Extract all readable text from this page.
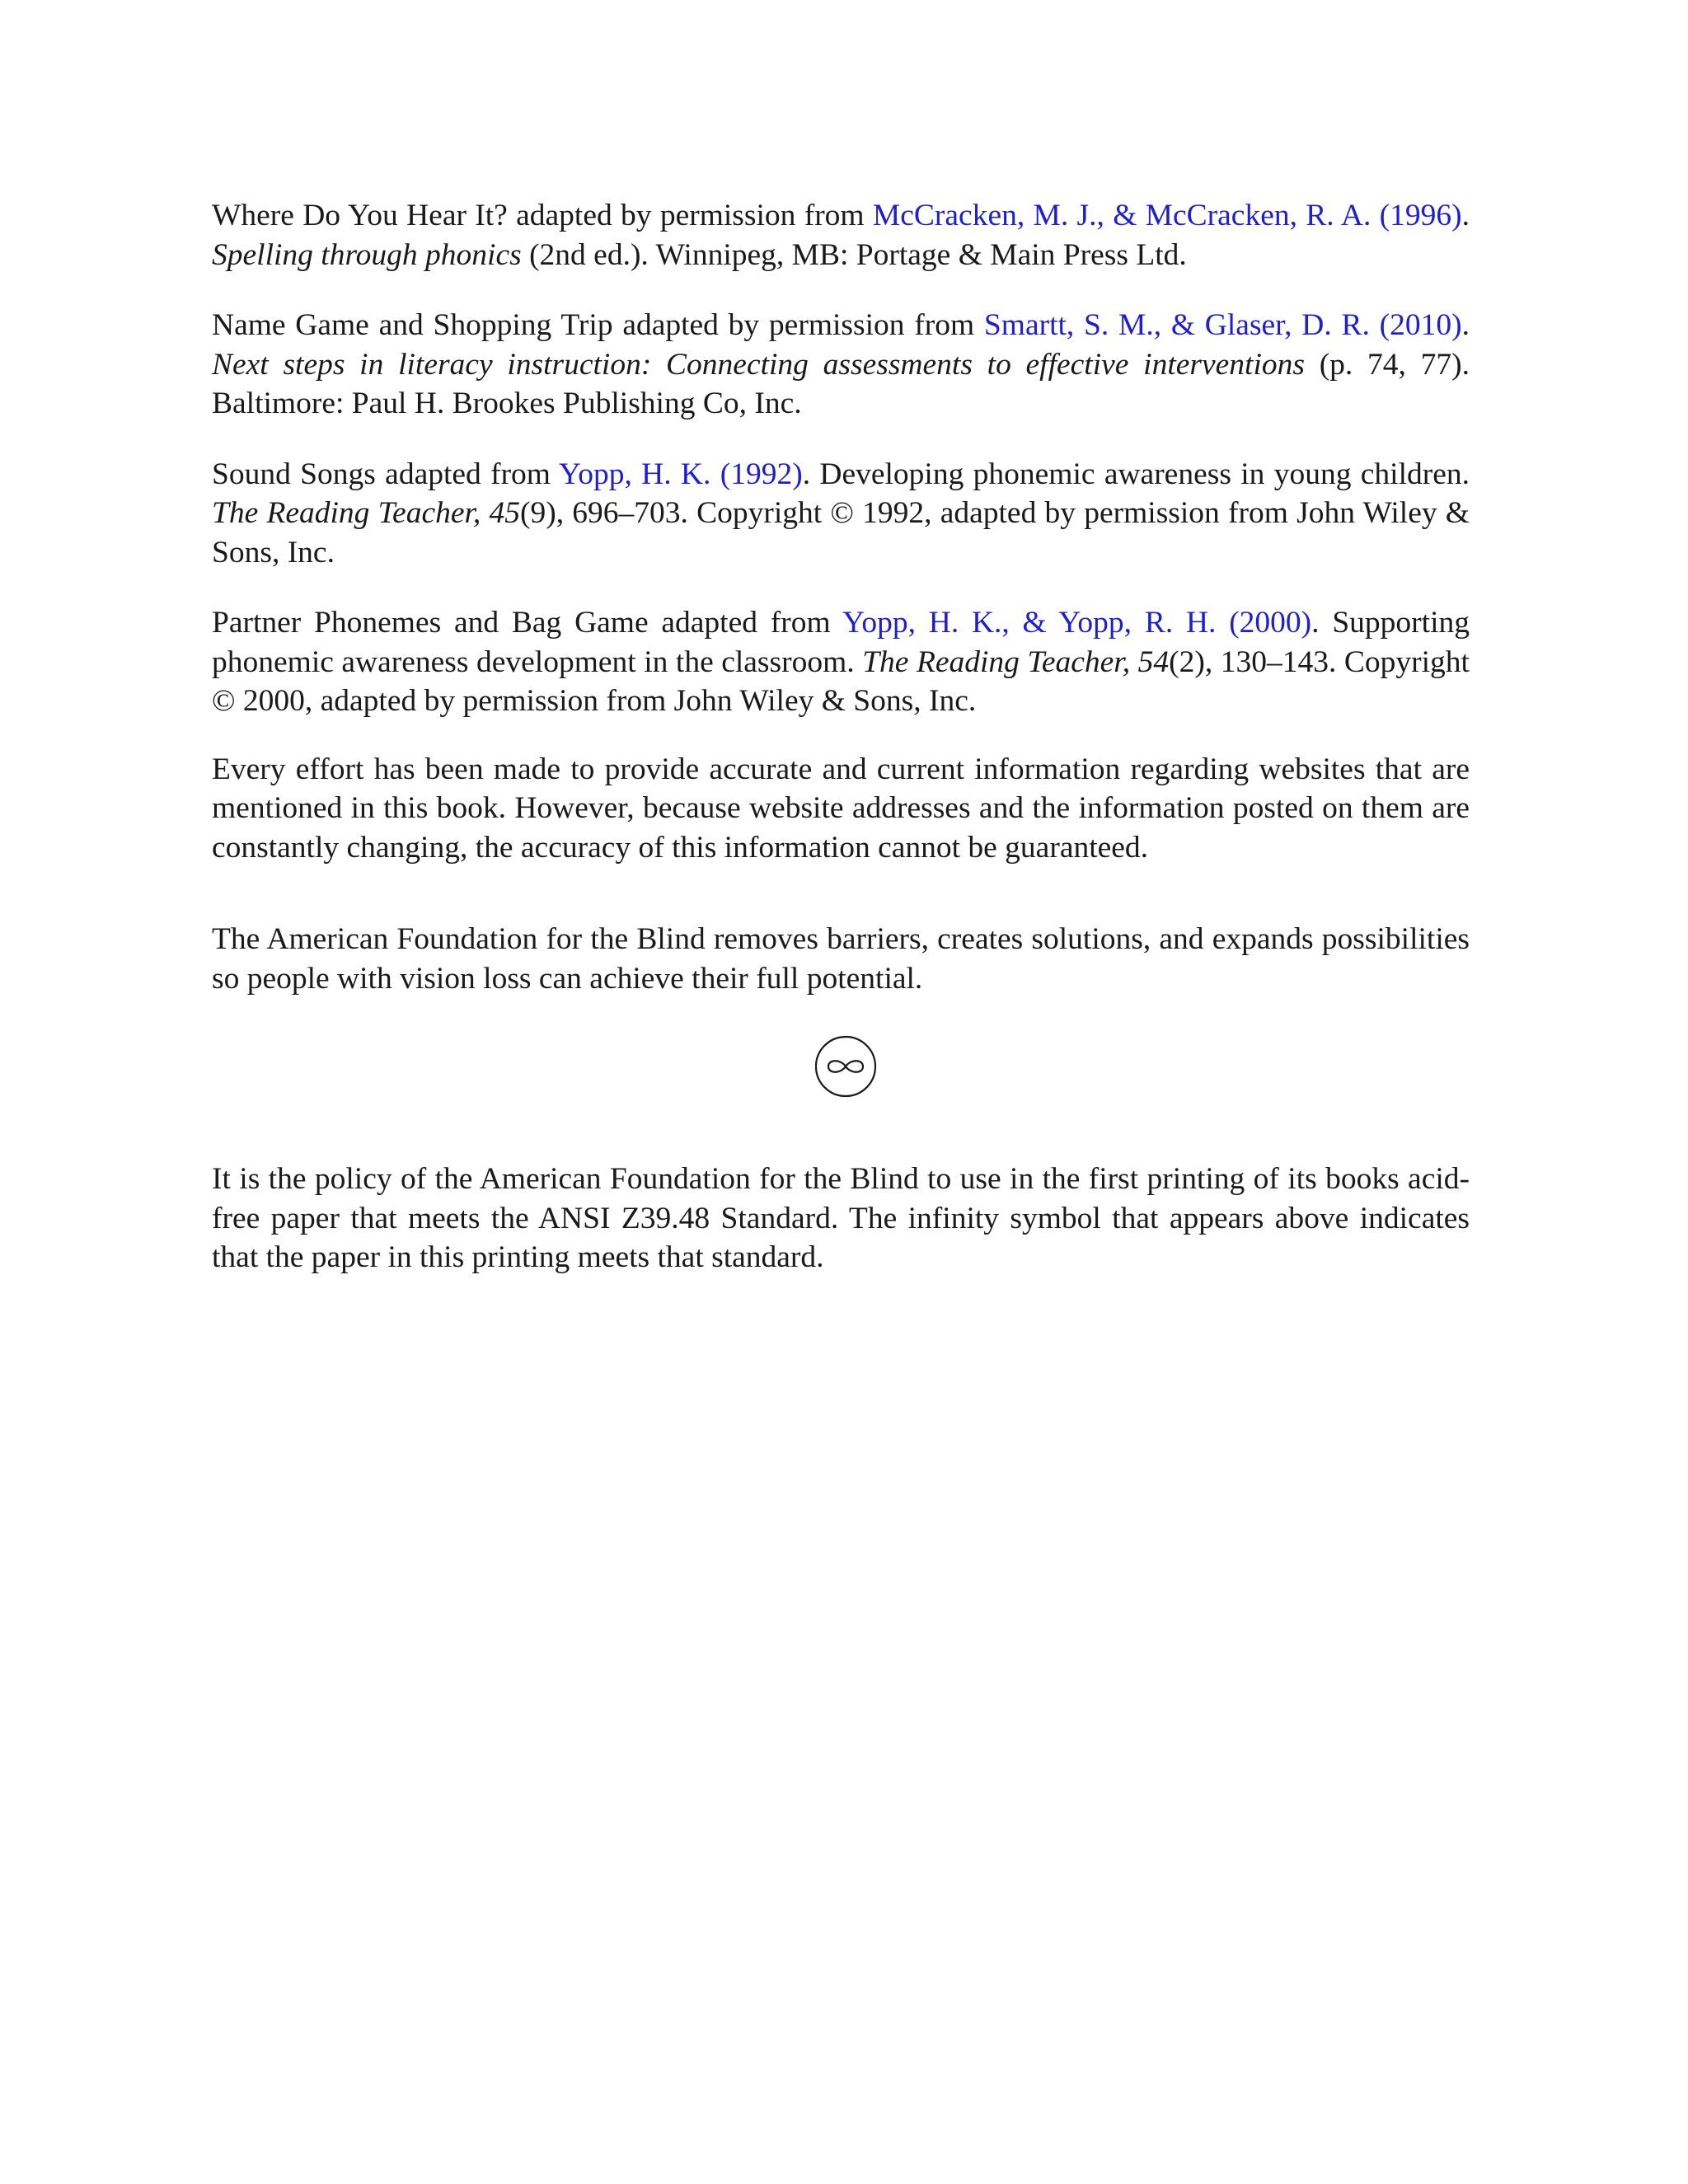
Where Do You Hear It? adapted by permission from McCracken, M. J., & McCracken, R. A. (1996). Spelling through phonics (2nd ed.). Winnipeg, MB: Portage & Main Press Ltd.

Name Game and Shopping Trip adapted by permission from Smartt, S. M., & Glaser, D. R. (2010). Next steps in literacy instruction: Connecting assessments to effective interventions (p. 74, 77). Baltimore: Paul H. Brookes Publishing Co, Inc.

Sound Songs adapted from Yopp, H. K. (1992). Developing phonemic awareness in young children. The Reading Teacher, 45(9), 696–703. Copyright © 1992, adapted by permission from John Wiley & Sons, Inc.

Partner Phonemes and Bag Game adapted from Yopp, H. K., & Yopp, R. H. (2000). Supporting phonemic awareness development in the classroom. The Reading Teacher, 54(2), 130–143. Copyright © 2000, adapted by permission from John Wiley & Sons, Inc.

Every effort has been made to provide accurate and current information regarding websites that are mentioned in this book. However, because website addresses and the information posted on them are constantly changing, the accuracy of this information cannot be guaranteed.

The American Foundation for the Blind removes barriers, creates solutions, and expands possibilities so people with vision loss can achieve their full potential.

It is the policy of the American Foundation for the Blind to use in the first printing of its books acid-free paper that meets the ANSI Z39.48 Standard. The infinity symbol that appears above indicates that the paper in this printing meets that standard.
